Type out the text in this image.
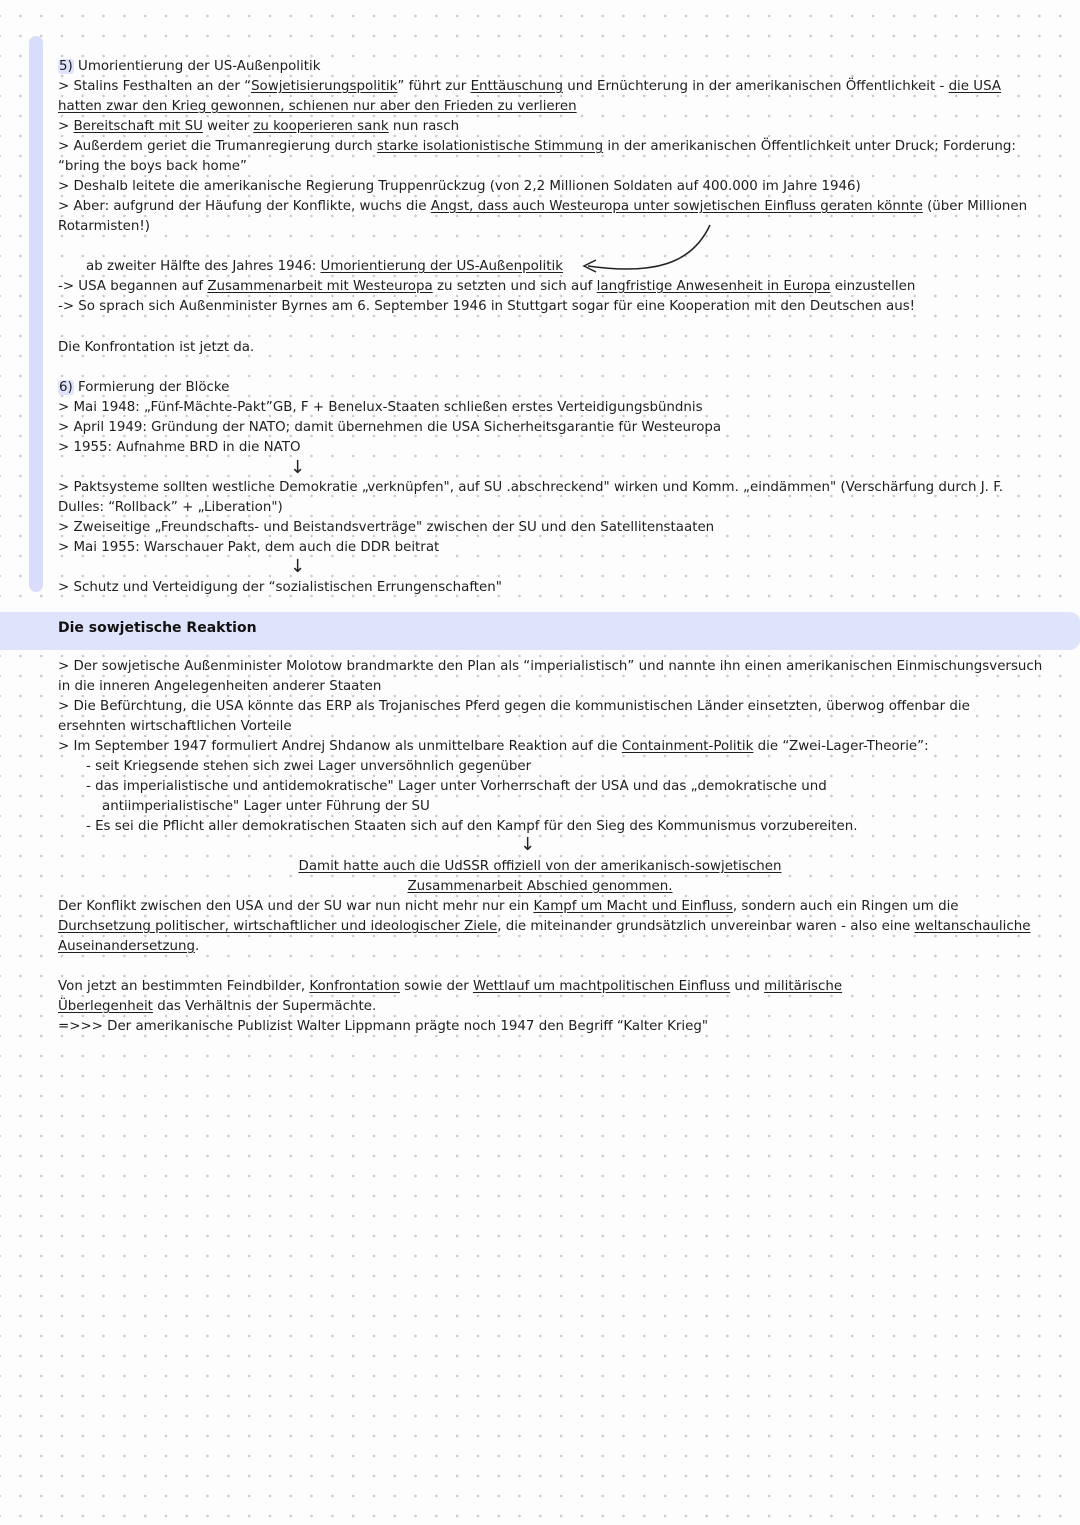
5) Umorientierung der US-Außenpolitik
> Stalins Festhalten an der “Sowjetisierungspolitik” führt zur Enttäuschung und Ernüchterung in der amerikanischen Öffentlichkeit - die USA
hatten zwar den Krieg gewonnen, schienen nur aber den Frieden zu verlieren
> Bereitschaft mit SU weiter zu kooperieren sank nun rasch
> Außerdem geriet die Trumanregierung durch starke isolationistische Stimmung in der amerikanischen Öffentlichkeit unter Druck; Forderung:
“bring the boys back home”
> Deshalb leitete die amerikanische Regierung Truppenrückzug (von 2,2 Millionen Soldaten auf 400.000 im Jahre 1946)
> Aber: aufgrund der Häufung der Konflikte, wuchs die Angst, dass auch Westeuropa unter sowjetischen Einfluss geraten könnte (über Millionen
Rotarmisten!)
ab zweiter Hälfte des Jahres 1946: Umorientierung der US-Außenpolitik
-> USA begannen auf Zusammenarbeit mit Westeuropa zu setzten und sich auf langfristige Anwesenheit in Europa einzustellen
-> So sprach sich Außenminister Byrnes am 6. September 1946 in Stuttgart sogar für eine Kooperation mit den Deutschen aus!
Die Konfrontation ist jetzt da.
6) Formierung der Blöcke
> Mai 1948: „Fünf-Mächte-Pakt”GB, F + Benelux-Staaten schließen erstes Verteidigungsbündnis
> April 1949: Gründung der NATO; damit übernehmen die USA Sicherheitsgarantie für Westeuropa
> 1955: Aufnahme BRD in die NATO
↓
> Paktsysteme sollten westliche Demokratie „verknüpfen", auf SU .abschreckend" wirken und Komm. „eindämmen" (Verschärfung durch J. F.
Dulles: “Rollback” + „Liberation")
> Zweiseitige „Freundschafts- und Beistandsverträge" zwischen der SU und den Satellitenstaaten
> Mai 1955: Warschauer Pakt, dem auch die DDR beitrat
↓
> Schutz und Verteidigung der “sozialistischen Errungenschaften"
Die sowjetische Reaktion
> Der sowjetische Außenminister Molotow brandmarkte den Plan als “imperialistisch” und nannte ihn einen amerikanischen Einmischungsversuch
in die inneren Angelegenheiten anderer Staaten
> Die Befürchtung, die USA könnte das ERP als Trojanisches Pferd gegen die kommunistischen Länder einsetzten, überwog offenbar die
ersehnten wirtschaftlichen Vorteile
> Im September 1947 formuliert Andrej Shdanow als unmittelbare Reaktion auf die Containment-Politik die “Zwei-Lager-Theorie”:
- seit Kriegsende stehen sich zwei Lager unversöhnlich gegenüber
- das imperialistische und antidemokratische" Lager unter Vorherrschaft der USA und das „demokratische und
antiimperialistische" Lager unter Führung der SU
- Es sei die Pflicht aller demokratischen Staaten sich auf den Kampf für den Sieg des Kommunismus vorzubereiten.
↓
Damit hatte auch die UdSSR offiziell von der amerikanisch-sowjetischen
Zusammenarbeit Abschied genommen.
Der Konflikt zwischen den USA und der SU war nun nicht mehr nur ein Kampf um Macht und Einfluss, sondern auch ein Ringen um die
Durchsetzung politischer, wirtschaftlicher und ideologischer Ziele, die miteinander grundsätzlich unvereinbar waren - also eine weltanschauliche
Auseinandersetzung.
Von jetzt an bestimmten Feindbilder, Konfrontation sowie der Wettlauf um machtpolitischen Einfluss und militärische
Überlegenheit das Verhältnis der Supermächte.
=>>> Der amerikanische Publizist Walter Lippmann prägte noch 1947 den Begriff “Kalter Krieg"
